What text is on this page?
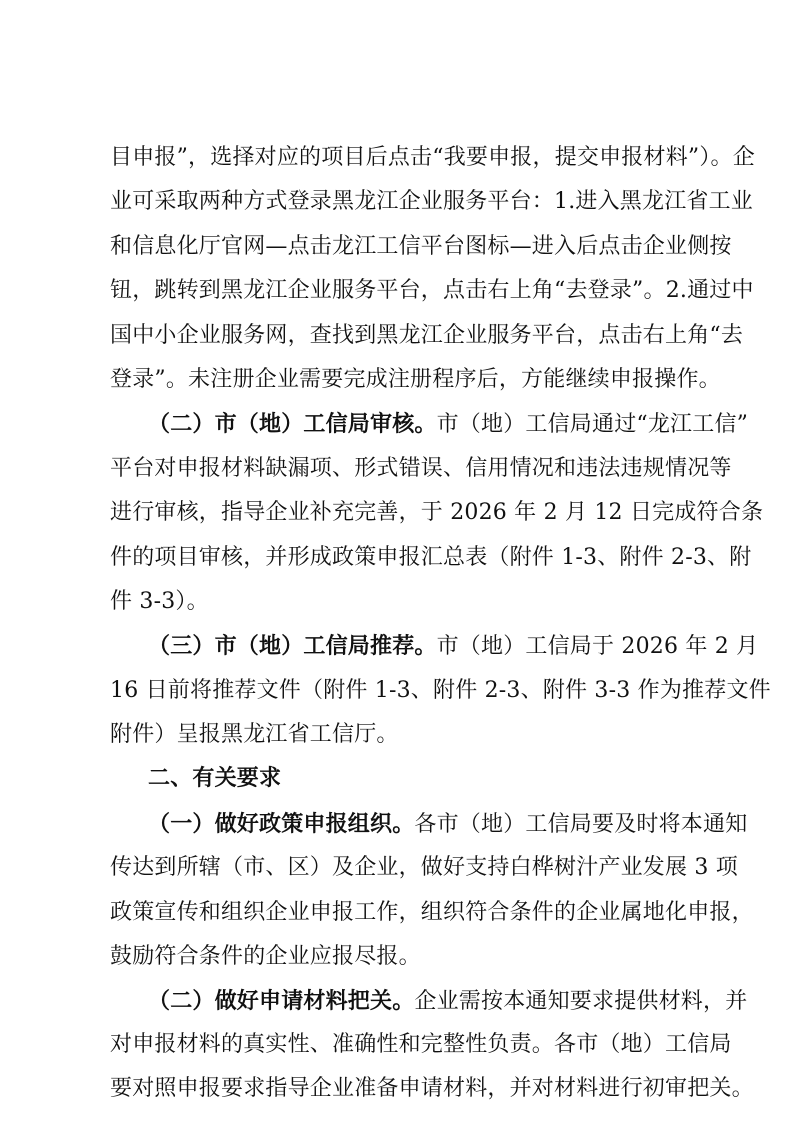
目申报”，选择对应的项目后点击“我要申报，提交申报材料”）。企
业可采取两种方式登录黑龙江企业服务平台：1.进入黑龙江省工业
和信息化厅官网—点击龙江工信平台图标—进入后点击企业侧按
钮，跳转到黑龙江企业服务平台，点击右上角“去登录”。2.通过中
国中小企业服务网，查找到黑龙江企业服务平台，点击右上角“去
登录”。未注册企业需要完成注册程序后，方能继续申报操作。
（二）市（地）工信局审核。市（地）工信局通过“龙江工信”
平台对申报材料缺漏项、形式错误、信用情况和违法违规情况等
进行审核，指导企业补充完善，于 2026 年 2 月 12 日完成符合条
件的项目审核，并形成政策申报汇总表（附件 1-3、附件 2-3、附
件 3-3）。
（三）市（地）工信局推荐。市（地）工信局于 2026 年 2 月
16 日前将推荐文件（附件 1-3、附件 2-3、附件 3-3 作为推荐文件
附件）呈报黑龙江省工信厅。
二、有关要求
（一）做好政策申报组织。各市（地）工信局要及时将本通知
传达到所辖（市、区）及企业，做好支持白桦树汁产业发展 3 项
政策宣传和组织企业申报工作，组织符合条件的企业属地化申报，
鼓励符合条件的企业应报尽报。
（二）做好申请材料把关。企业需按本通知要求提供材料，并
对申报材料的真实性、准确性和完整性负责。各市（地）工信局
要对照申报要求指导企业准备申请材料，并对材料进行初审把关。
